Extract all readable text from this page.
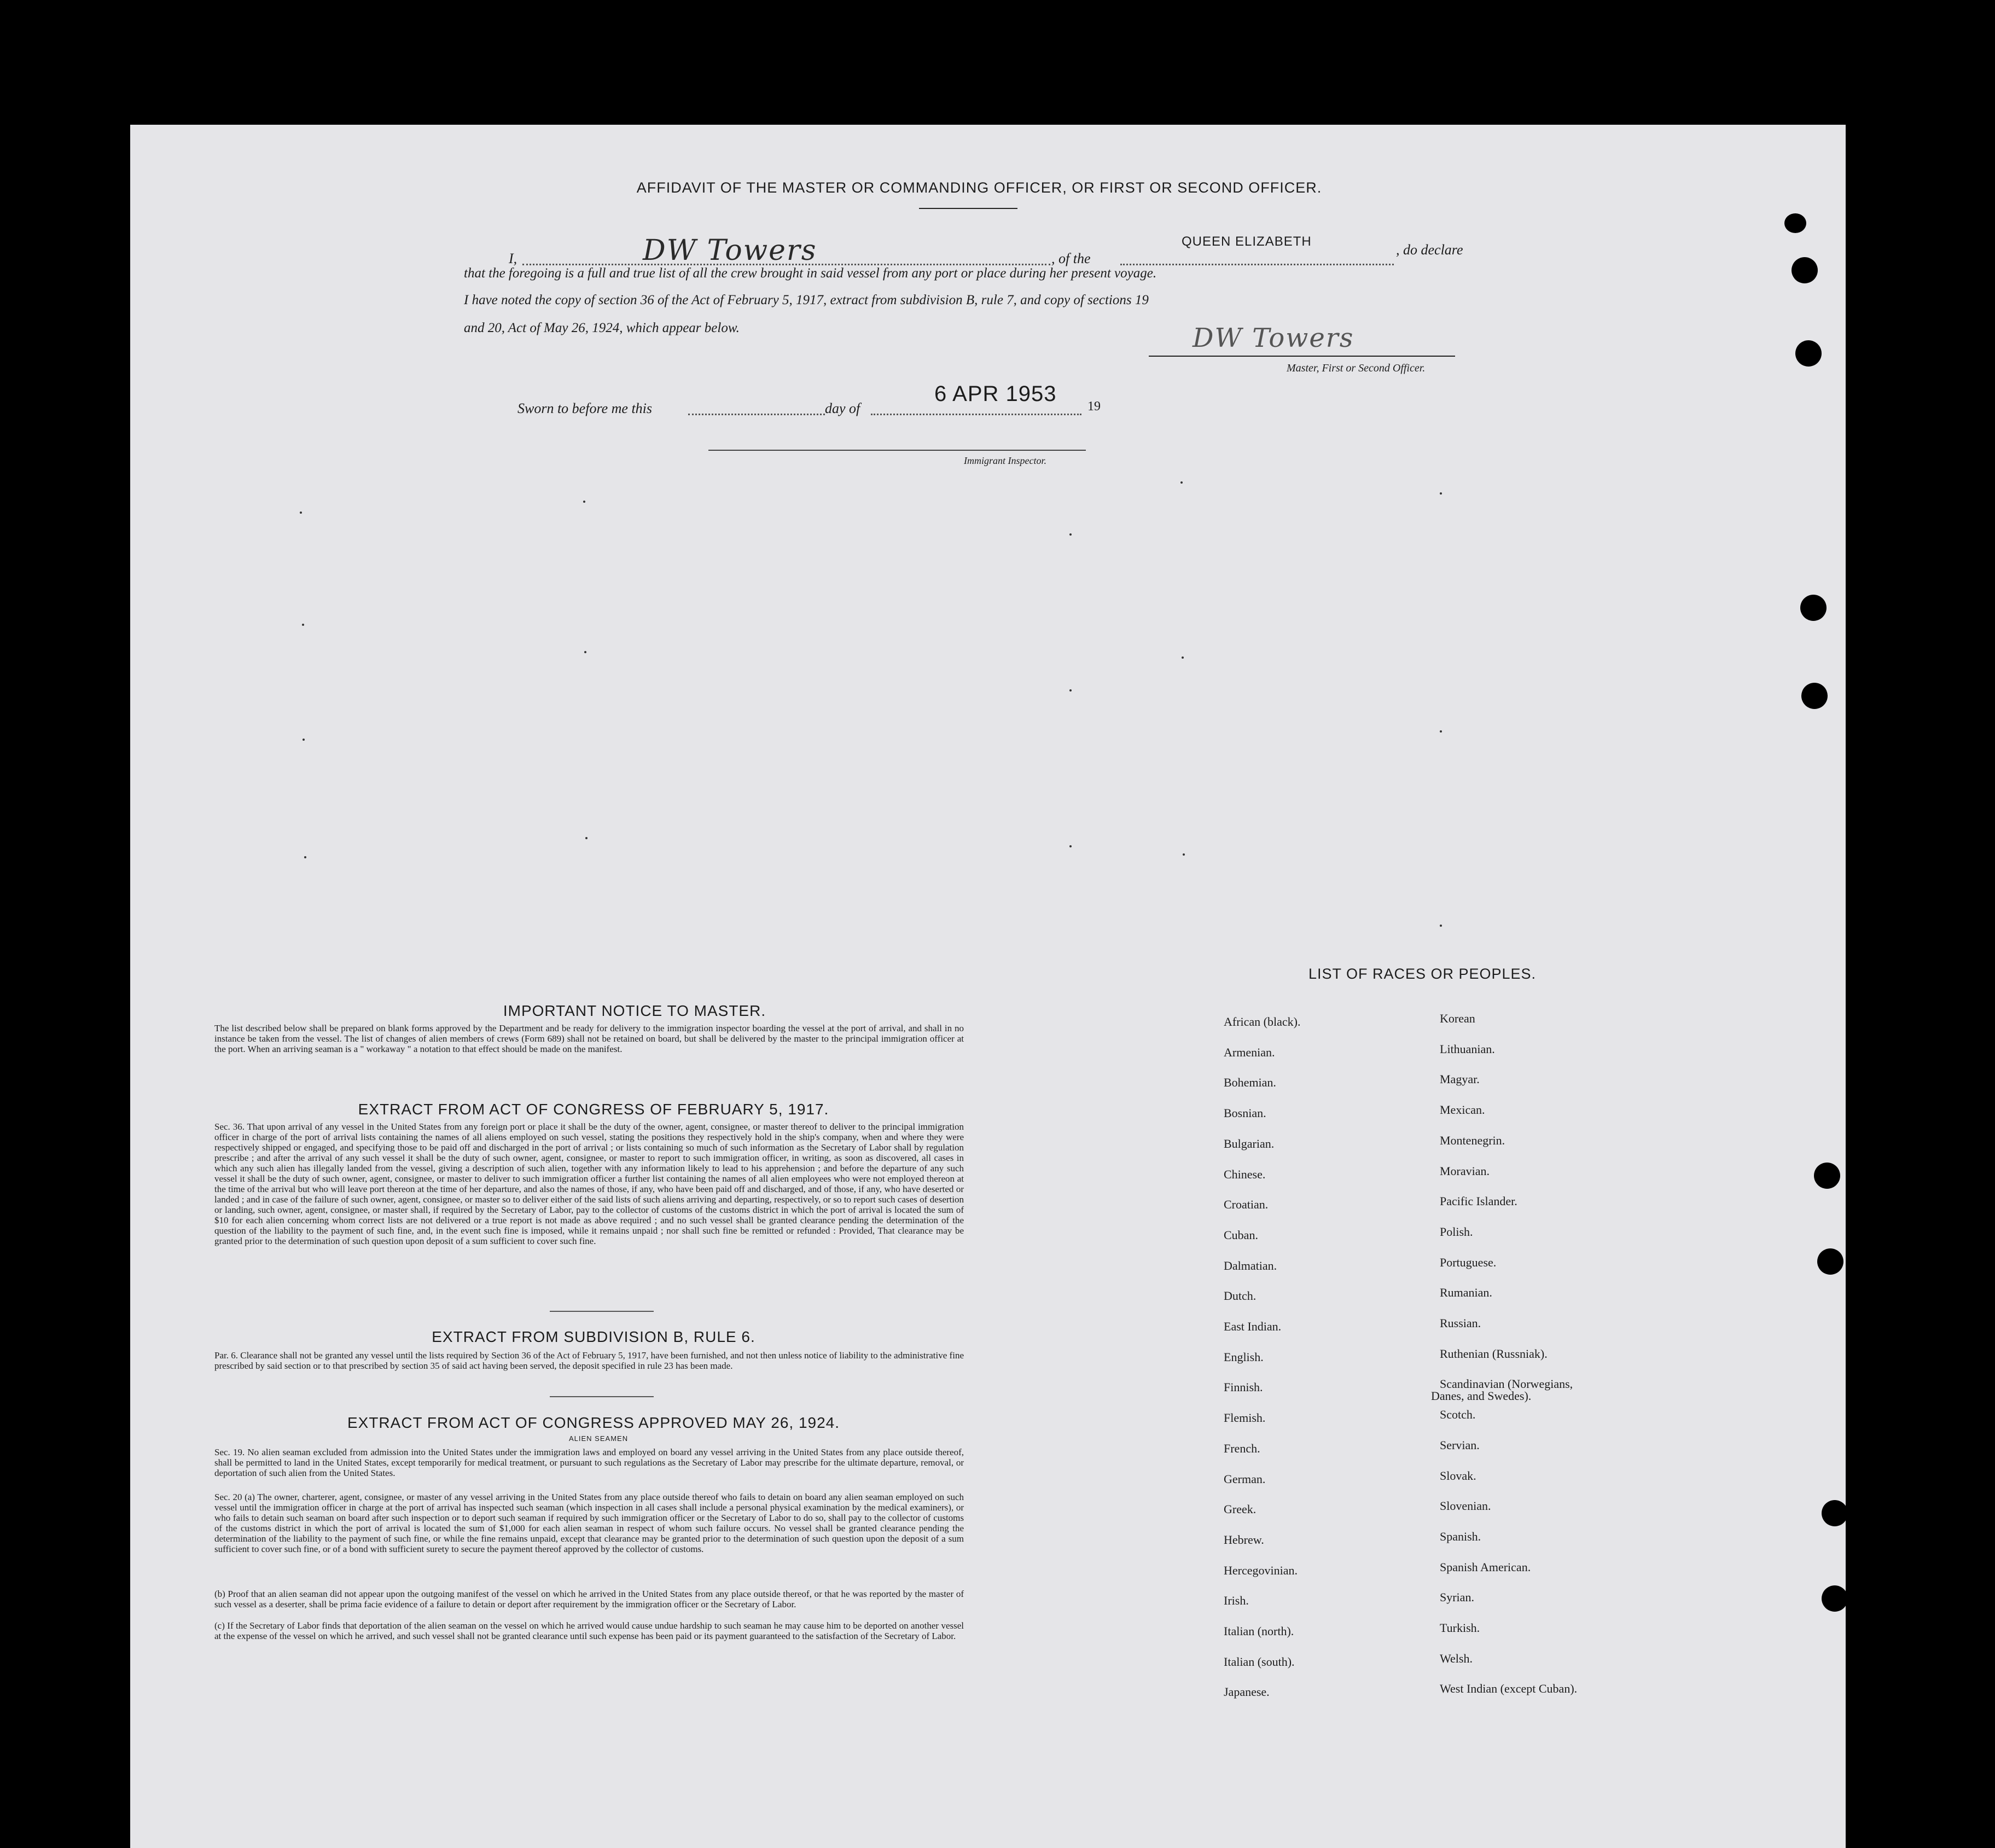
AFFIDAVIT OF THE MASTER OR COMMANDING OFFICER, OR FIRST OR SECOND OFFICER.
I,	DW Towers	, of the
QUEEN ELIZABETH
, do declare
that the foregoing is a full and true list of all the crew brought in said vessel from any port or place during her present voyage.
I have noted the copy of section 36 of the Act of February 5, 1917, extract from subdivision B, rule 7, and copy of sections 19
and 20, Act of May 26, 1924, which appear below.	DW Towers
Master, First or Second Officer.
Sworn to before me this	day of
6 APR 1953
19
Immigrant Inspector.
IMPORTANT NOTICE TO MASTER.
The list described below shall be prepared on blank forms approved by the Department and be ready for delivery to the immigration inspector boarding the vessel at the port of arrival, and shall in no instance be taken from the vessel. The list of changes of alien members of crews (Form 689) shall not be retained on board, but shall be delivered by the master to the principal immigration officer at the port. When an arriving seaman is a " workaway " a notation to that effect should be made on the manifest.
EXTRACT FROM ACT OF CONGRESS OF FEBRUARY 5, 1917.
Sec. 36. That upon arrival of any vessel in the United States from any foreign port or place it shall be the duty of the owner, agent, consignee, or master thereof to deliver to the principal immigration officer in charge of the port of arrival lists containing the names of all aliens employed on such vessel, stating the positions they respectively hold in the ship's company, when and where they were respectively shipped or engaged, and specifying those to be paid off and discharged in the port of arrival ; or lists containing so much of such information as the Secretary of Labor shall by regulation prescribe ; and after the arrival of any such vessel it shall be the duty of such owner, agent, consignee, or master to report to such immigration officer, in writing, as soon as discovered, all cases in which any such alien has illegally landed from the vessel, giving a description of such alien, together with any information likely to lead to his apprehension ; and before the departure of any such vessel it shall be the duty of such owner, agent, consignee, or master to deliver to such immigration officer a further list containing the names of all alien employees who were not employed thereon at the time of the arrival but who will leave port thereon at the time of her departure, and also the names of those, if any, who have been paid off and discharged, and of those, if any, who have deserted or landed ; and in case of the failure of such owner, agent, consignee, or master so to deliver either of the said lists of such aliens arriving and departing, respectively, or so to report such cases of desertion or landing, such owner, agent, consignee, or master shall, if required by the Secretary of Labor, pay to the collector of customs of the customs district in which the port of arrival is located the sum of $10 for each alien concerning whom correct lists are not delivered or a true report is not made as above required ; and no such vessel shall be granted clearance pending the determination of the question of the liability to the payment of such fine, and, in the event such fine is imposed, while it remains unpaid ; nor shall such fine be remitted or refunded : Provided, That clearance may be granted prior to the determination of such question upon deposit of a sum sufficient to cover such fine.
EXTRACT FROM SUBDIVISION B, RULE 6.
Par. 6. Clearance shall not be granted any vessel until the lists required by Section 36 of the Act of February 5, 1917, have been furnished, and not then unless notice of liability to the administrative fine prescribed by said section or to that prescribed by section 35 of said act having been served, the deposit specified in rule 23 has been made.
EXTRACT FROM ACT OF CONGRESS APPROVED MAY 26, 1924.
ALIEN SEAMEN
Sec. 19. No alien seaman excluded from admission into the United States under the immigration laws and employed on board any vessel arriving in the United States from any place outside thereof, shall be permitted to land in the United States, except temporarily for medical treatment, or pursuant to such regulations as the Secretary of Labor may prescribe for the ultimate departure, removal, or deportation of such alien from the United States.
Sec. 20 (a) The owner, charterer, agent, consignee, or master of any vessel arriving in the United States from any place outside thereof who fails to detain on board any alien seaman employed on such vessel until the immigration officer in charge at the port of arrival has inspected such seaman (which inspection in all cases shall include a personal physical examination by the medical examiners), or who fails to detain such seaman on board after such inspection or to deport such seaman if required by such immigration officer or the Secretary of Labor to do so, shall pay to the collector of customs of the customs district in which the port of arrival is located the sum of $1,000 for each alien seaman in respect of whom such failure occurs. No vessel shall be granted clearance pending the determination of the liability to the payment of such fine, or while the fine remains unpaid, except that clearance may be granted prior to the determination of such question upon the deposit of a sum sufficient to cover such fine, or of a bond with sufficient surety to secure the payment thereof approved by the collector of customs.
(b) Proof that an alien seaman did not appear upon the outgoing manifest of the vessel on which he arrived in the United States from any place outside thereof, or that he was reported by the master of such vessel as a deserter, shall be prima facie evidence of a failure to detain or deport after requirement by the immigration officer or the Secretary of Labor.
(c) If the Secretary of Labor finds that deportation of the alien seaman on the vessel on which he arrived would cause undue hardship to such seaman he may cause him to be deported on another vessel at the expense of the vessel on which he arrived, and such vessel shall not be granted clearance until such expense has been paid or its payment guaranteed to the satisfaction of the Secretary of Labor.
LIST OF RACES OR PEOPLES.
African (black).
Armenian.
Bohemian.
Bosnian.
Bulgarian.
Chinese.
Croatian.
Cuban.
Dalmatian.
Dutch.
East Indian.
English.
Finnish.
Flemish.
French.
German.
Greek.
Hebrew.
Hercegovinian.
Irish.
Italian (north).
Italian (south).
Japanese.
Korean
Lithuanian.
Magyar.
Mexican.
Montenegrin.
Moravian.
Pacific Islander.
Polish.
Portuguese.
Rumanian.
Russian.
Ruthenian (Russniak).
Scandinavian (Norwegians,
Scotch.
Servian.
Slovak.
Slovenian.
Spanish.
Spanish American.
Syrian.
Turkish.
Welsh.
West Indian (except Cuban).
Danes, and Swedes).
